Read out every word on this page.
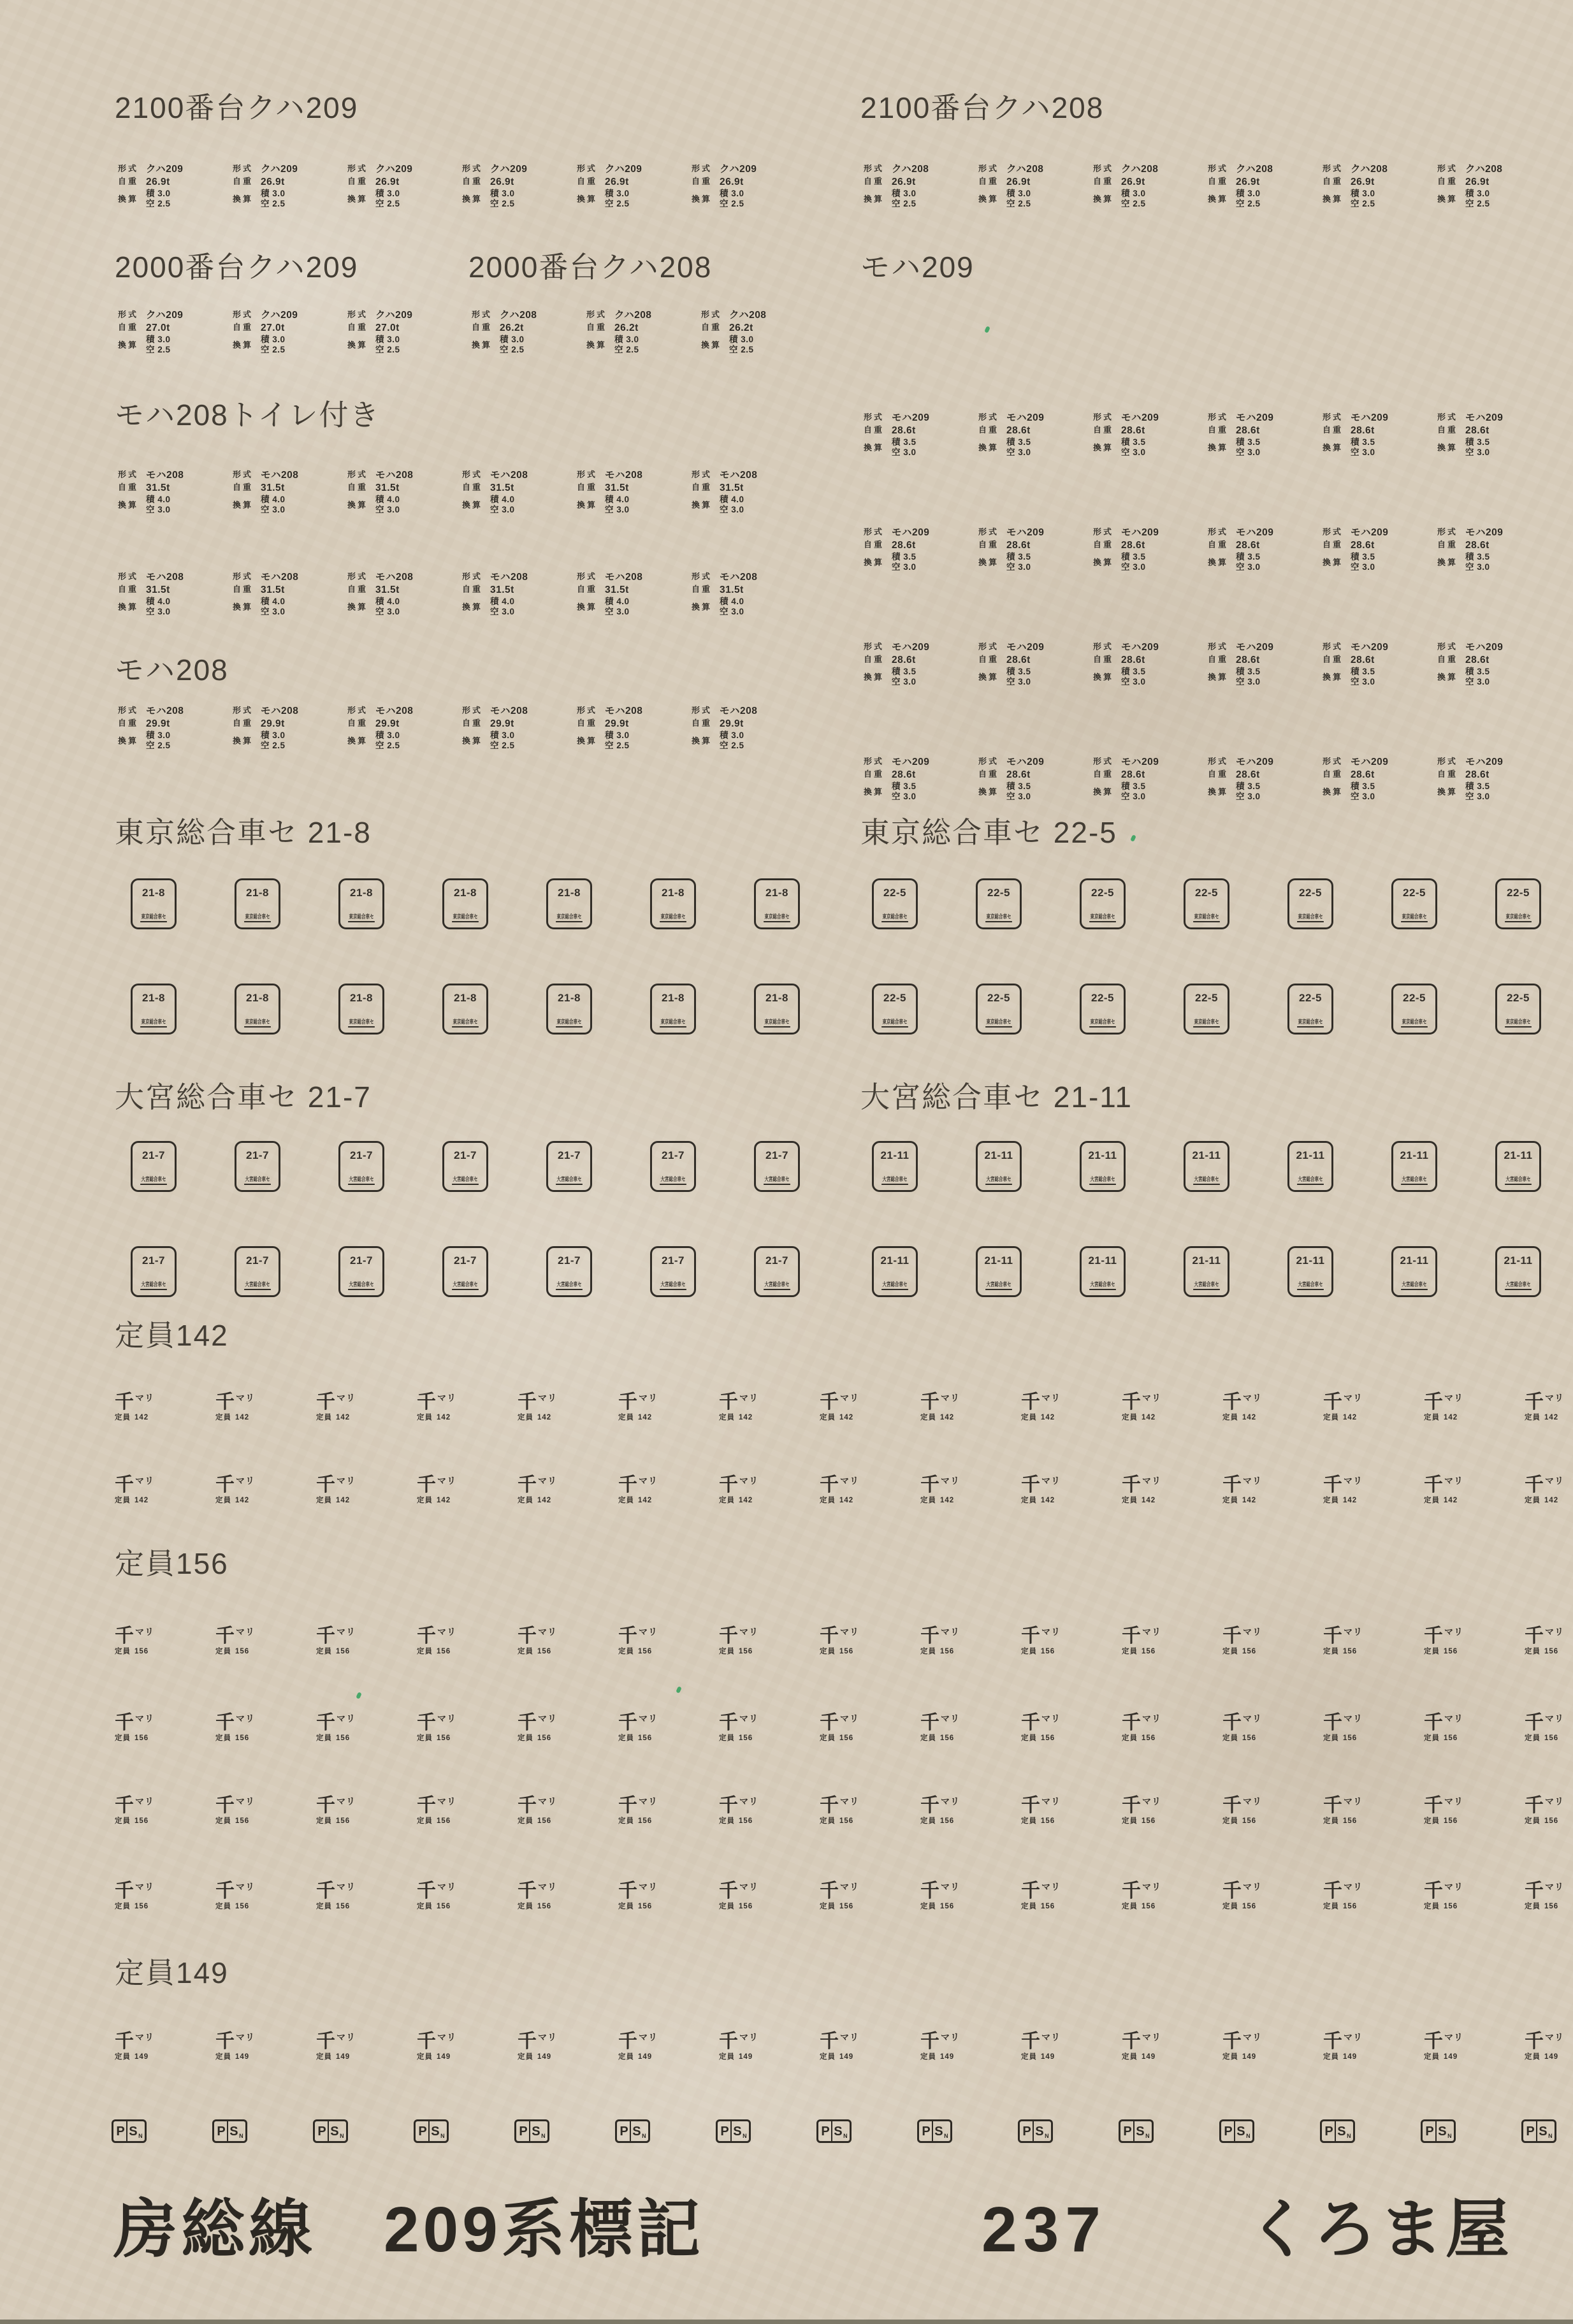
房総線　209系標記	237 くろま屋
2100番台クハ209
形式 クハ209
自重 26.9t
換算
積 3.0
空 2.5
形式 クハ209
自重 26.9t
換算
積 3.0
空 2.5
形式 クハ209
自重 26.9t
換算
積 3.0
空 2.5
形式 クハ209
自重 26.9t
換算
積 3.0
空 2.5
形式 クハ209
自重 26.9t
換算
積 3.0
空 2.5
形式 クハ209
自重 26.9t
換算
積 3.0
空 2.5
2100番台クハ208
形式 クハ208
自重 26.9t
換算
積 3.0
空 2.5
形式 クハ208
自重 26.9t
換算
積 3.0
空 2.5
形式 クハ208
自重 26.9t
換算
積 3.0
空 2.5
形式 クハ208
自重 26.9t
換算
積 3.0
空 2.5
形式 クハ208
自重 26.9t
換算
積 3.0
空 2.5
形式 クハ208
自重 26.9t
換算
積 3.0
空 2.5
2000番台クハ209
形式 クハ209
自重 27.0t
換算
積 3.0
空 2.5
形式 クハ209
自重 27.0t
換算
積 3.0
空 2.5
形式 クハ209
自重 27.0t
換算
積 3.0
空 2.5
2000番台クハ208
形式 クハ208
自重 26.2t
換算
積 3.0
空 2.5
形式 クハ208
自重 26.2t
換算
積 3.0
空 2.5
形式 クハ208
自重 26.2t
換算
積 3.0
空 2.5
モハ209
形式 モハ209
自重 28.6t
換算
積 3.5
空 3.0
形式 モハ209
自重 28.6t
換算
積 3.5
空 3.0
形式 モハ209
自重 28.6t
換算
積 3.5
空 3.0
形式 モハ209
自重 28.6t
換算
積 3.5
空 3.0
形式 モハ209
自重 28.6t
換算
積 3.5
空 3.0
形式 モハ209
自重 28.6t
換算
積 3.5
空 3.0
形式 モハ209
自重 28.6t
換算
積 3.5
空 3.0
形式 モハ209
自重 28.6t
換算
積 3.5
空 3.0
形式 モハ209
自重 28.6t
換算
積 3.5
空 3.0
形式 モハ209
自重 28.6t
換算
積 3.5
空 3.0
形式 モハ209
自重 28.6t
換算
積 3.5
空 3.0
形式 モハ209
自重 28.6t
換算
積 3.5
空 3.0
形式 モハ209
自重 28.6t
換算
積 3.5
空 3.0
形式 モハ209
自重 28.6t
換算
積 3.5
空 3.0
形式 モハ209
自重 28.6t
換算
積 3.5
空 3.0
形式 モハ209
自重 28.6t
換算
積 3.5
空 3.0
形式 モハ209
自重 28.6t
換算
積 3.5
空 3.0
形式 モハ209
自重 28.6t
換算
積 3.5
空 3.0
形式 モハ209
自重 28.6t
換算
積 3.5
空 3.0
形式 モハ209
自重 28.6t
換算
積 3.5
空 3.0
形式 モハ209
自重 28.6t
換算
積 3.5
空 3.0
形式 モハ209
自重 28.6t
換算
積 3.5
空 3.0
形式 モハ209
自重 28.6t
換算
積 3.5
空 3.0
形式 モハ209
自重 28.6t
換算
積 3.5
空 3.0
モハ208トイレ付き
形式 モハ208
自重 31.5t
換算
積 4.0
空 3.0
形式 モハ208
自重 31.5t
換算
積 4.0
空 3.0
形式 モハ208
自重 31.5t
換算
積 4.0
空 3.0
形式 モハ208
自重 31.5t
換算
積 4.0
空 3.0
形式 モハ208
自重 31.5t
換算
積 4.0
空 3.0
形式 モハ208
自重 31.5t
換算
積 4.0
空 3.0
形式 モハ208
自重 31.5t
換算
積 4.0
空 3.0
形式 モハ208
自重 31.5t
換算
積 4.0
空 3.0
形式 モハ208
自重 31.5t
換算
積 4.0
空 3.0
形式 モハ208
自重 31.5t
換算
積 4.0
空 3.0
形式 モハ208
自重 31.5t
換算
積 4.0
空 3.0
形式 モハ208
自重 31.5t
換算
積 4.0
空 3.0
モハ208
形式 モハ208
自重 29.9t
換算
積 3.0
空 2.5
形式 モハ208
自重 29.9t
換算
積 3.0
空 2.5
形式 モハ208
自重 29.9t
換算
積 3.0
空 2.5
形式 モハ208
自重 29.9t
換算
積 3.0
空 2.5
形式 モハ208
自重 29.9t
換算
積 3.0
空 2.5
形式 モハ208
自重 29.9t
換算
積 3.0
空 2.5
東京総合車セ 21-8
21-8
東京総合車セ
21-8
東京総合車セ
21-8
東京総合車セ
21-8
東京総合車セ
21-8
東京総合車セ
21-8
東京総合車セ
21-8
東京総合車セ
21-8
東京総合車セ
21-8
東京総合車セ
21-8
東京総合車セ
21-8
東京総合車セ
21-8
東京総合車セ
21-8
東京総合車セ
21-8
東京総合車セ
東京総合車セ 22-5
22-5
東京総合車セ
22-5
東京総合車セ
22-5
東京総合車セ
22-5
東京総合車セ
22-5
東京総合車セ
22-5
東京総合車セ
22-5
東京総合車セ
22-5
東京総合車セ
22-5
東京総合車セ
22-5
東京総合車セ
22-5
東京総合車セ
22-5
東京総合車セ
22-5
東京総合車セ
22-5
東京総合車セ
大宮総合車セ 21-7
21-7
大宮総合車セ
21-7
大宮総合車セ
21-7
大宮総合車セ
21-7
大宮総合車セ
21-7
大宮総合車セ
21-7
大宮総合車セ
21-7
大宮総合車セ
21-7
大宮総合車セ
21-7
大宮総合車セ
21-7
大宮総合車セ
21-7
大宮総合車セ
21-7
大宮総合車セ
21-7
大宮総合車セ
21-7
大宮総合車セ
大宮総合車セ 21-11
21-11
大宮総合車セ
21-11
大宮総合車セ
21-11
大宮総合車セ
21-11
大宮総合車セ
21-11
大宮総合車セ
21-11
大宮総合車セ
21-11
大宮総合車セ
21-11
大宮総合車セ
21-11
大宮総合車セ
21-11
大宮総合車セ
21-11
大宮総合車セ
21-11
大宮総合車セ
21-11
大宮総合車セ
21-11
大宮総合車セ
定員142
千 $^{マリ}$
定員 142
千 $^{マリ}$
定員 142
千 $^{マリ}$
定員 142
千 $^{マリ}$
定員 142
千 $^{マリ}$
定員 142
千 $^{マリ}$
定員 142
千 $^{マリ}$
定員 142
千 $^{マリ}$
定員 142
千 $^{マリ}$
定員 142
千 $^{マリ}$
定員 142
千 $^{マリ}$
定員 142
千 $^{マリ}$
定員 142
千 $^{マリ}$
定員 142
千 $^{マリ}$
定員 142
千 $^{マリ}$
定員 142
千 $^{マリ}$
定員 142
千 $^{マリ}$
定員 142
千 $^{マリ}$
定員 142
千 $^{マリ}$
定員 142
千 $^{マリ}$
定員 142
千 $^{マリ}$
定員 142
千 $^{マリ}$
定員 142
千 $^{マリ}$
定員 142
千 $^{マリ}$
定員 142
千 $^{マリ}$
定員 142
千 $^{マリ}$
定員 142
千 $^{マリ}$
定員 142
千 $^{マリ}$
定員 142
千 $^{マリ}$
定員 142
千 $^{マリ}$
定員 142
定員156
千 $^{マリ}$
定員 156
千 $^{マリ}$
定員 156
千 $^{マリ}$
定員 156
千 $^{マリ}$
定員 156
千 $^{マリ}$
定員 156
千 $^{マリ}$
定員 156
千 $^{マリ}$
定員 156
千 $^{マリ}$
定員 156
千 $^{マリ}$
定員 156
千 $^{マリ}$
定員 156
千 $^{マリ}$
定員 156
千 $^{マリ}$
定員 156
千 $^{マリ}$
定員 156
千 $^{マリ}$
定員 156
千 $^{マリ}$
定員 156
千 $^{マリ}$
定員 156
千 $^{マリ}$
定員 156
千 $^{マリ}$
定員 156
千 $^{マリ}$
定員 156
千 $^{マリ}$
定員 156
千 $^{マリ}$
定員 156
千 $^{マリ}$
定員 156
千 $^{マリ}$
定員 156
千 $^{マリ}$
定員 156
千 $^{マリ}$
定員 156
千 $^{マリ}$
定員 156
千 $^{マリ}$
定員 156
千 $^{マリ}$
定員 156
千 $^{マリ}$
定員 156
千 $^{マリ}$
定員 156
千 $^{マリ}$
定員 156
千 $^{マリ}$
定員 156
千 $^{マリ}$
定員 156
千 $^{マリ}$
定員 156
千 $^{マリ}$
定員 156
千 $^{マリ}$
定員 156
千 $^{マリ}$
定員 156
千 $^{マリ}$
定員 156
千 $^{マリ}$
定員 156
千 $^{マリ}$
定員 156
千 $^{マリ}$
定員 156
千 $^{マリ}$
定員 156
千 $^{マリ}$
定員 156
千 $^{マリ}$
定員 156
千 $^{マリ}$
定員 156
千 $^{マリ}$
定員 156
千 $^{マリ}$
定員 156
千 $^{マリ}$
定員 156
千 $^{マリ}$
定員 156
千 $^{マリ}$
定員 156
千 $^{マリ}$
定員 156
千 $^{マリ}$
定員 156
千 $^{マリ}$
定員 156
千 $^{マリ}$
定員 156
千 $^{マリ}$
定員 156
千 $^{マリ}$
定員 156
千 $^{マリ}$
定員 156
千 $^{マリ}$
定員 156
千 $^{マリ}$
定員 156
千 $^{マリ}$
定員 156
定員149
千 $^{マリ}$
定員 149
千 $^{マリ}$
定員 149
千 $^{マリ}$
定員 149
千 $^{マリ}$
定員 149
千 $^{マリ}$
定員 149
千 $^{マリ}$
定員 149
千 $^{マリ}$
定員 149
千 $^{マリ}$
定員 149
千 $^{マリ}$
定員 149
千 $^{マリ}$
定員 149
千 $^{マリ}$
定員 149
千 $^{マリ}$
定員 149
千 $^{マリ}$
定員 149
千 $^{マリ}$
定員 149
千 $^{マリ}$
定員 149
P S N	P S N	P S N	P S N	P S N	P S N	P S N	P S N	P S N	P S N	P S N	P S N	P S N	P S N	P S N
